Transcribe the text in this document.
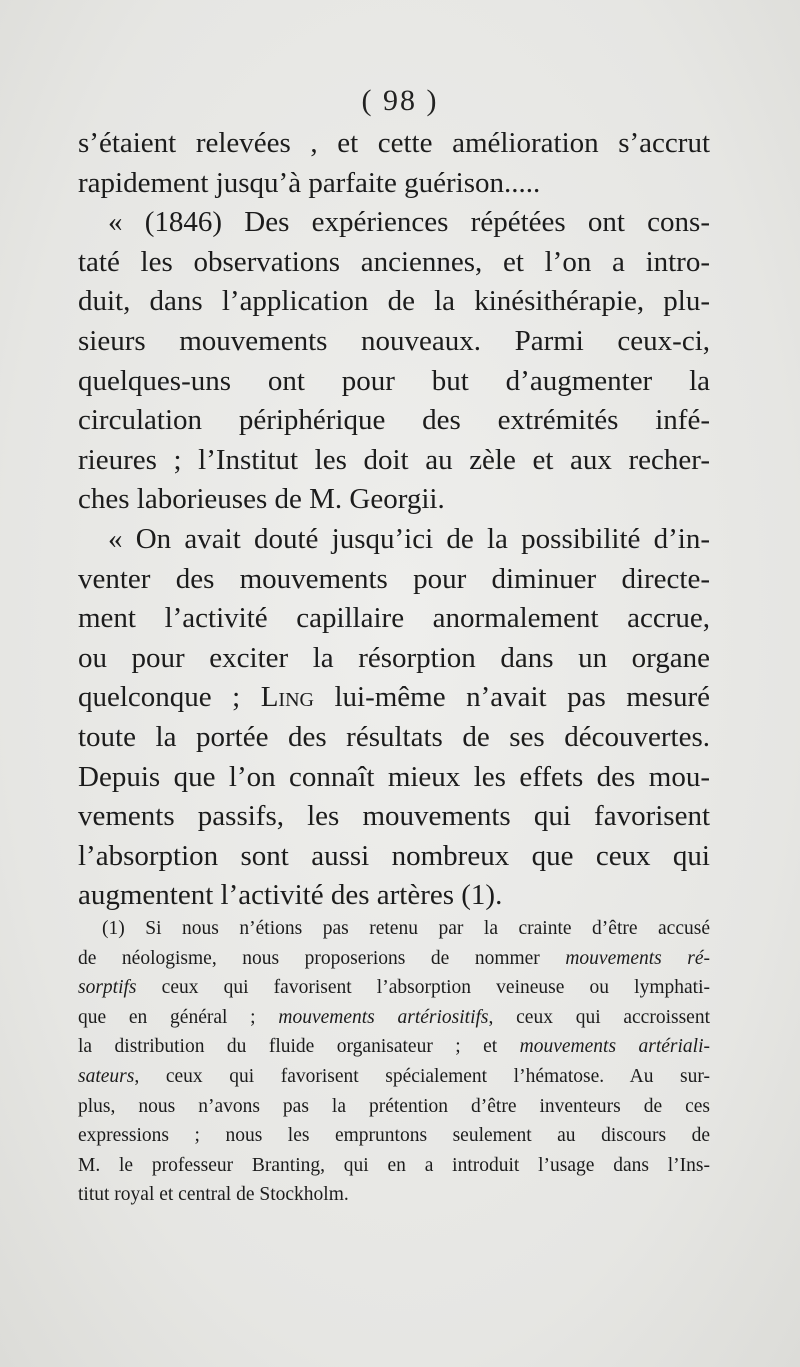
( 98 )
s’étaient relevées , et cette amélioration s’accrut
rapidement jusqu’à parfaite guérison.....
« (1846) Des expériences répétées ont cons-
taté les observations anciennes, et l’on a intro-
duit, dans l’application de la kinésithérapie, plu-
sieurs mouvements nouveaux. Parmi ceux-ci,
quelques-uns ont pour but d’augmenter la
circulation périphérique des extrémités infé-
rieures ; l’Institut les doit au zèle et aux recher-
ches laborieuses de M. Georgii.
« On avait douté jusqu’ici de la possibilité d’in-
venter des mouvements pour diminuer directe-
ment l’activité capillaire anormalement accrue,
ou pour exciter la résorption dans un organe
quelconque ; Ling lui-même n’avait pas mesuré
toute la portée des résultats de ses découvertes.
Depuis que l’on connaît mieux les effets des mou-
vements passifs, les mouvements qui favorisent
l’absorption sont aussi nombreux que ceux qui
augmentent l’activité des artères (1).
(1) Si nous n’étions pas retenu par la crainte d’être accusé
de néologisme, nous proposerions de nommer mouvements ré-
sorptifs ceux qui favorisent l’absorption veineuse ou lymphati-
que en général ; mouvements artériositifs, ceux qui accroissent
la distribution du fluide organisateur ; et mouvements artériali-
sateurs, ceux qui favorisent spécialement l’hématose. Au sur-
plus, nous n’avons pas la prétention d’être inventeurs de ces
expressions ; nous les empruntons seulement au discours de
M. le professeur Branting, qui en a introduit l’usage dans l’Ins-
titut royal et central de Stockholm.
